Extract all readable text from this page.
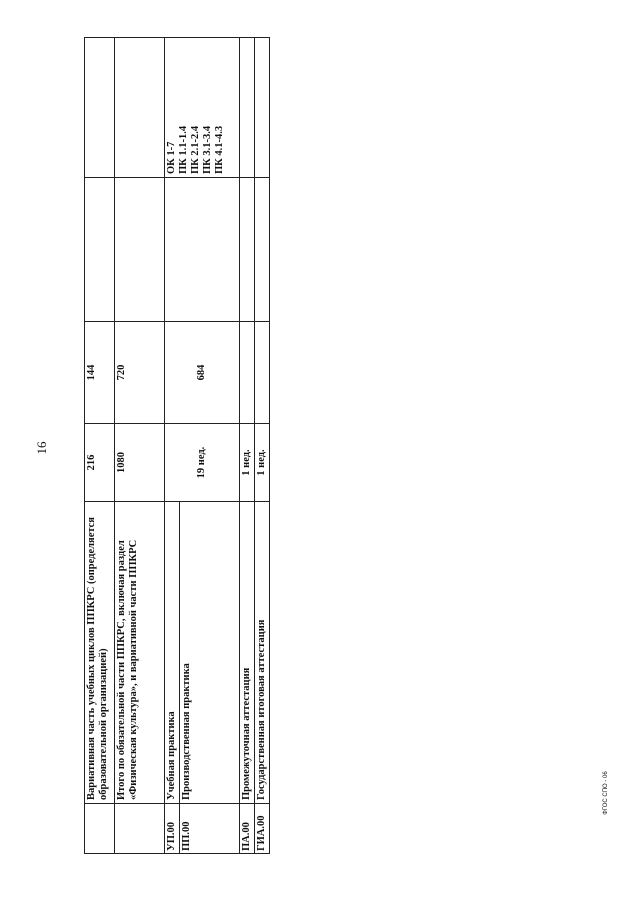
16
	Вариативная часть учебных циклов ППКРС (определяется образовательной организацией)	216	144		
	Итого по обязательной части ППКРС, включая раздел «Физическая культура», и вариативной части ППКРС	1080	720		
УП.00	Учебная практика	19 нед.	684		ОК 1-7 ПК 1.1-1.4 ПК 2.1-2.4 ПК 3.1-3.4 ПК 4.1-4.3

ПП.00	Производственная практика				
ПА.00	Промежуточная аттестация	1 нед.			
ГИА.00	Государственная итоговая аттестация	1 нед.			
ФГОС СПО - 06
